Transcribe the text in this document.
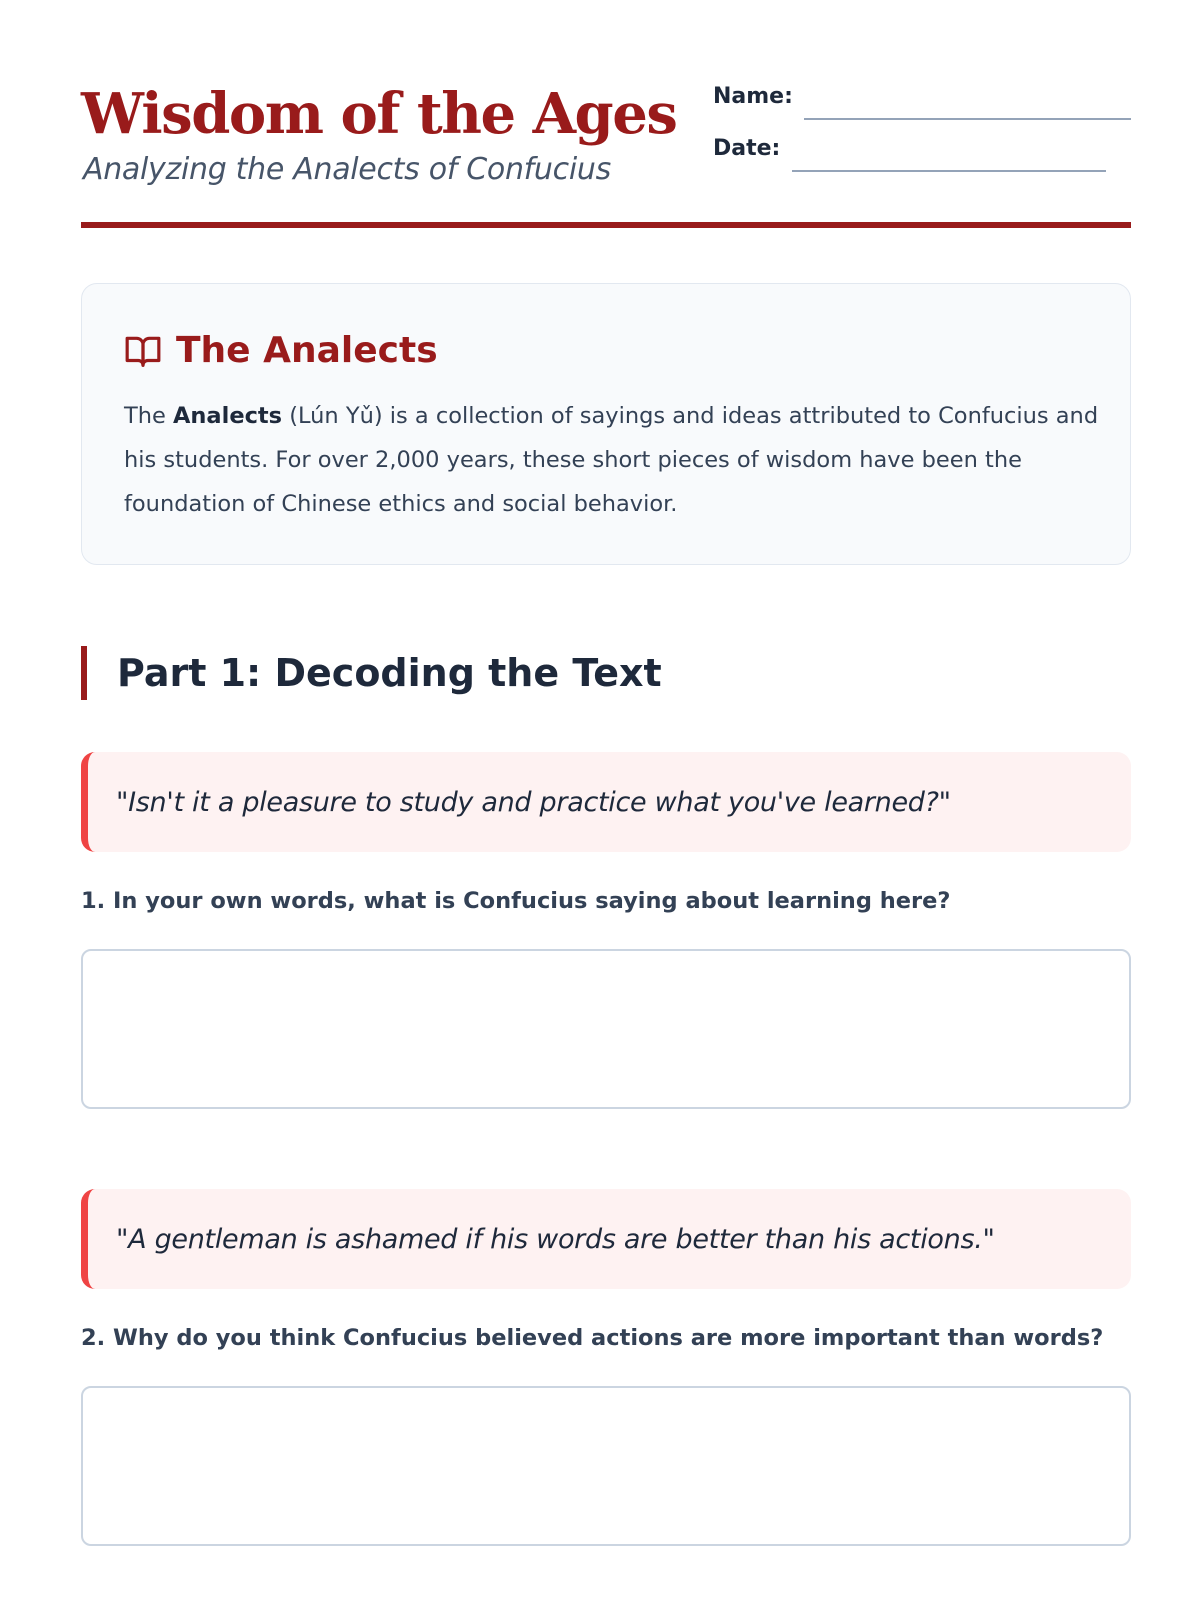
Wisdom of the Ages
Analyzing the Analects of Confucius
Name:
Date:
The Analects

The Analects (Lún Yǔ) is a collection of sayings and ideas attributed to Confucius and his students. For over 2,000 years, these short pieces of wisdom have been the foundation of Chinese ethics and social behavior.

Part 1: Decoding the Text
"Isn't it a pleasure to study and practice what you've learned?"
1. In your own words, what is Confucius saying about learning here?
"A gentleman is ashamed if his words are better than his actions."
2. Why do you think Confucius believed actions are more important than words?
